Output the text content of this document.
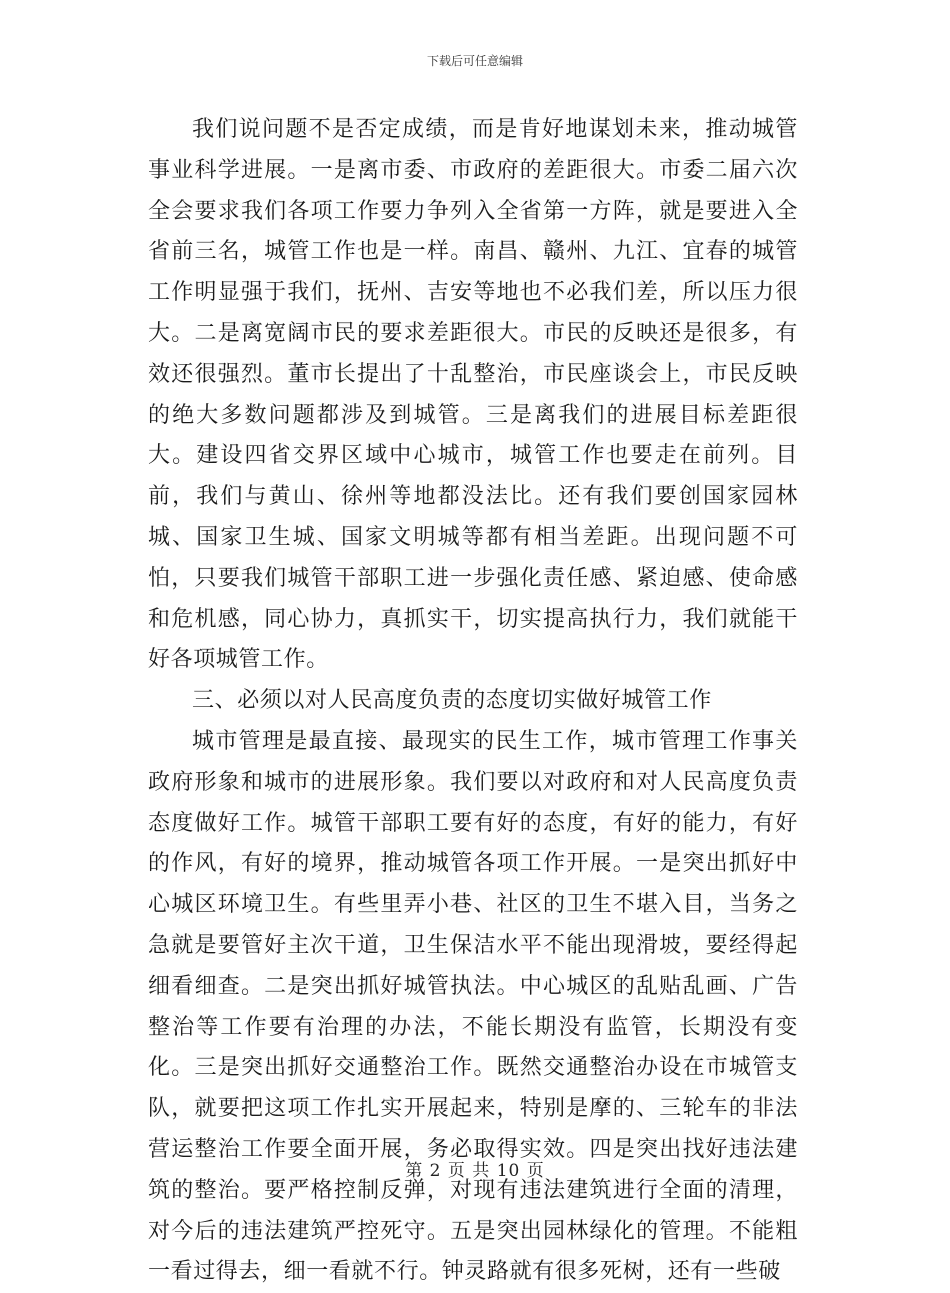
下载后可任意编辑

我们说问题不是否定成绩，而是肯好地谋划未来，推动城管事业科学进展。一是离市委、市政府的差距很大。市委二届六次全会要求我们各项工作要力争列入全省第一方阵，就是要进入全省前三名，城管工作也是一样。南昌、赣州、九江、宜春的城管工作明显强于我们，抚州、吉安等地也不必我们差，所以压力很大。二是离宽阔市民的要求差距很大。市民的反映还是很多，有效还很强烈。董市长提出了十乱整治，市民座谈会上，市民反映的绝大多数问题都涉及到城管。三是离我们的进展目标差距很大。建设四省交界区域中心城市，城管工作也要走在前列。目前，我们与黄山、徐州等地都没法比。还有我们要创国家园林城、国家卫生城、国家文明城等都有相当差距。出现问题不可怕，只要我们城管干部职工进一步强化责任感、紧迫感、使命感和危机感，同心协力，真抓实干，切实提高执行力，我们就能干好各项城管工作。

三、必须以对人民高度负责的态度切实做好城管工作

城市管理是最直接、最现实的民生工作，城市管理工作事关政府形象和城市的进展形象。我们要以对政府和对人民高度负责态度做好工作。城管干部职工要有好的态度，有好的能力，有好的作风，有好的境界，推动城管各项工作开展。一是突出抓好中心城区环境卫生。有些里弄小巷、社区的卫生不堪入目，当务之急就是要管好主次干道，卫生保洁水平不能出现滑坡，要经得起细看细查。二是突出抓好城管执法。中心城区的乱贴乱画、广告整治等工作要有治理的办法，不能长期没有监管，长期没有变化。三是突出抓好交通整治工作。既然交通整治办设在市城管支队，就要把这项工作扎实开展起来，特别是摩的、三轮车的非法营运整治工作要全面开展，务必取得实效。四是突出找好违法建筑的整治。要严格控制反弹，对现有违法建筑进行全面的清理，对今后的违法建筑严控死守。五是突出园林绿化的管理。不能粗一看过得去，细一看就不行。钟灵路就有很多死树，还有一些破

第 2 页 共 10 页
